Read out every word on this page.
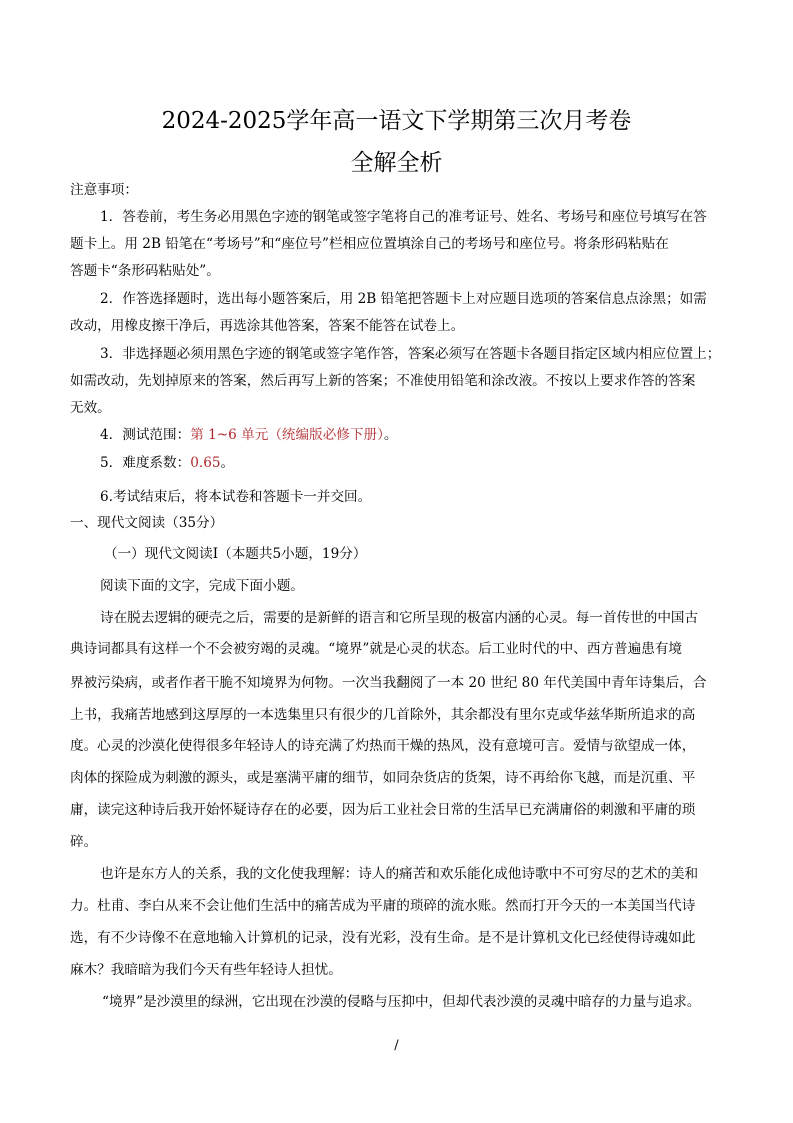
2024-2025学年高一语文下学期第三次月考卷
全解全析
注意事项：
1．答卷前，考生务必用黑色字迹的钢笔或签字笔将自己的准考证号、姓名、考场号和座位号填写在答
题卡上。用 2B 铅笔在“考场号”和“座位号”栏相应位置填涂自己的考场号和座位号。将条形码粘贴在
答题卡“条形码粘贴处”。
2．作答选择题时，选出每小题答案后，用 2B 铅笔把答题卡上对应题目选项的答案信息点涂黑；如需
改动，用橡皮擦干净后，再选涂其他答案，答案不能答在试卷上。
3．非选择题必须用黑色字迹的钢笔或签字笔作答，答案必须写在答题卡各题目指定区域内相应位置上；
如需改动，先划掉原来的答案，然后再写上新的答案；不准使用铅笔和涂改液。不按以上要求作答的答案
无效。
4．测试范围：第 1~6 单元（统编版必修下册）。
5．难度系数：0.65。
6.考试结束后，将本试卷和答题卡一并交回。
一、现代文阅读（35分）
（一）现代文阅读Ⅰ（本题共5小题，19分）
阅读下面的文字，完成下面小题。
诗在脱去逻辑的硬壳之后，需要的是新鲜的语言和它所呈现的极富内涵的心灵。每一首传世的中国古
典诗词都具有这样一个不会被穷竭的灵魂。“境界”就是心灵的状态。后工业时代的中、西方普遍患有境
界被污染病，或者作者干脆不知境界为何物。一次当我翻阅了一本 20 世纪 80 年代美国中青年诗集后，合
上书，我痛苦地感到这厚厚的一本选集里只有很少的几首除外，其余都没有里尔克或华兹华斯所追求的高
度。心灵的沙漠化使得很多年轻诗人的诗充满了灼热而干燥的热风，没有意境可言。爱情与欲望成一体，
肉体的探险成为刺激的源头，或是塞满平庸的细节，如同杂货店的货架，诗不再给你飞越，而是沉重、平
庸，读完这种诗后我开始怀疑诗存在的必要，因为后工业社会日常的生活早已充满庸俗的刺激和平庸的琐
碎。
也许是东方人的关系，我的文化使我理解：诗人的痛苦和欢乐能化成他诗歌中不可穷尽的艺术的美和
力。杜甫、李白从来不会让他们生活中的痛苦成为平庸的琐碎的流水账。然而打开今天的一本美国当代诗
选，有不少诗像不在意地输入计算机的记录，没有光彩，没有生命。是不是计算机文化已经使得诗魂如此
麻木？我暗暗为我们今天有些年轻诗人担忧。
“境界”是沙漠里的绿洲，它出现在沙漠的侵略与压抑中，但却代表沙漠的灵魂中暗存的力量与追求。
/
